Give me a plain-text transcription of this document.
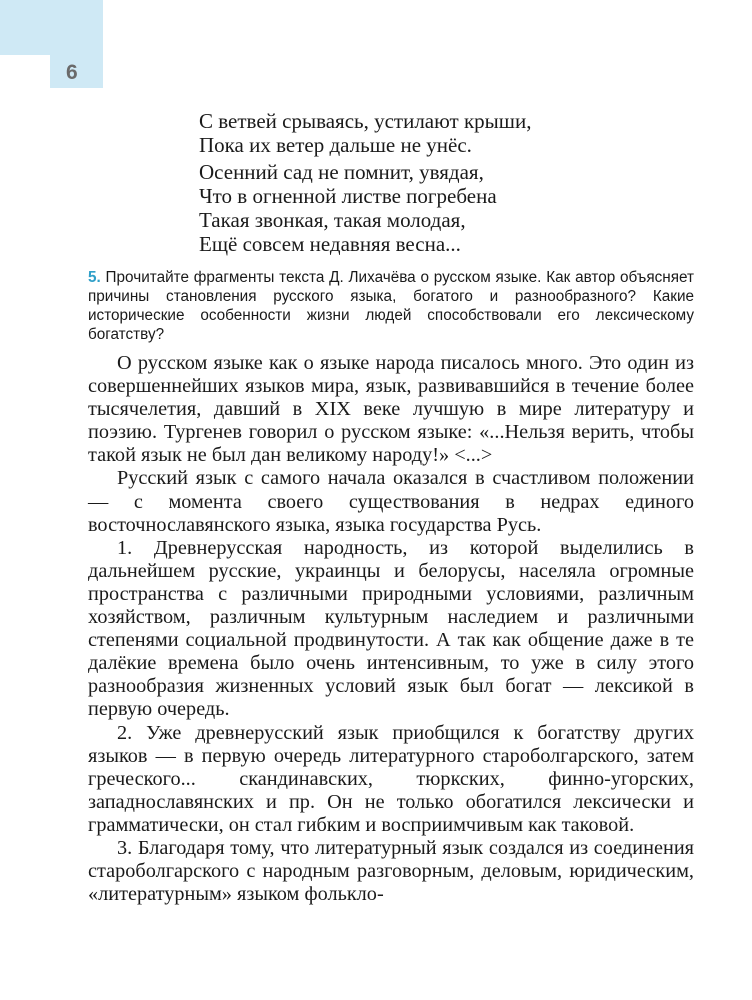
6
С ветвей срываясь, устилают крыши,
Пока их ветер дальше не унёс.
Осенний сад не помнит, увядая,
Что в огненной листве погребена
Такая звонкая, такая молодая,
Ещё совсем недавняя весна...
5. Прочитайте фрагменты текста Д. Лихачёва о русском языке. Как автор объясняет причины становления русского языка, богатого и разнообразного? Какие исторические особенности жизни людей способствовали его лексическому богатству?

О русском языке как о языке народа писалось много. Это один из совершеннейших языков мира, язык, развивавшийся в течение более тысячелетия, давший в XIX веке лучшую в мире литературу и поэзию. Тургенев говорил о русском языке: «...Нельзя верить, чтобы такой язык не был дан великому народу!» <...>

Русский язык с самого начала оказался в счастливом положении — с момента своего существования в недрах единого восточнославянского языка, языка государства Русь.

1. Древнерусская народность, из которой выделились в дальнейшем русские, украинцы и белорусы, населяла огромные пространства с различными природными условиями, различным хозяйством, различным культурным наследием и различными степенями социальной продвинутости. А так как общение даже в те далёкие времена было очень интенсивным, то уже в силу этого разнообразия жизненных условий язык был богат — лексикой в первую очередь.

2. Уже древнерусский язык приобщился к богатству других языков — в первую очередь литературного староболгарского, затем греческого... скандинавских, тюркских, финно-угорских, западнославянских и пр. Он не только обогатился лексически и грамматически, он стал гибким и восприимчивым как таковой.

3. Благодаря тому, что литературный язык создался из соединения староболгарского с народным разговорным, деловым, юридическим, «литературным» языком фолькло-
